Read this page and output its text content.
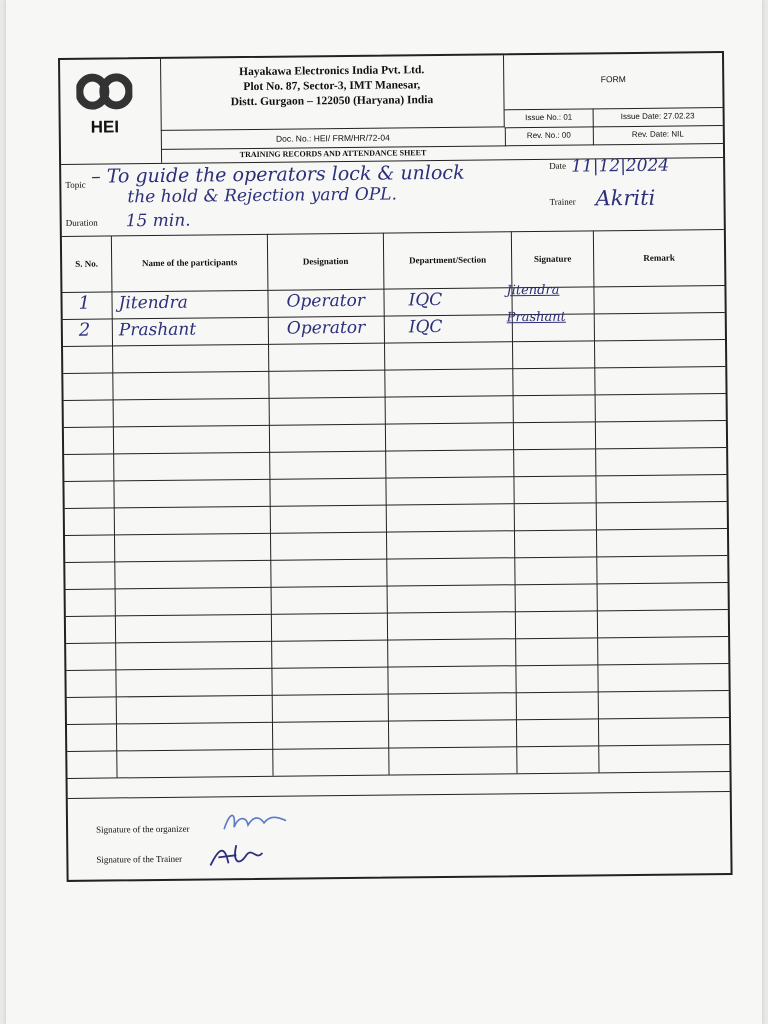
HEI
Hayakawa Electronics India Pvt. Ltd.
Plot No. 87, Sector-3, IMT Manesar,
Distt. Gurgaon – 122050 (Haryana) India
FORM
Issue No.: 01	Issue Date: 27.02.23
Doc. No.: HEI/ FRM/HR/72-04	Rev. No.: 00	Rev. Date: NIL
TRAINING RECORDS AND ATTENDANCE SHEET
Topic – To guide the operators lock & unlock
the hold & Rejection yard OPL.
Date 11|12|2024
Trainer Akriti
Duration 15 min.
S. No.	Name of the participants	Designation	Department/Section	Signature	Remark
1 Jitendra	Operator	IQC	Jitendra
2 Prashant	Operator	IQC	Prashant
Signature of the organizer
Signature of the Trainer
